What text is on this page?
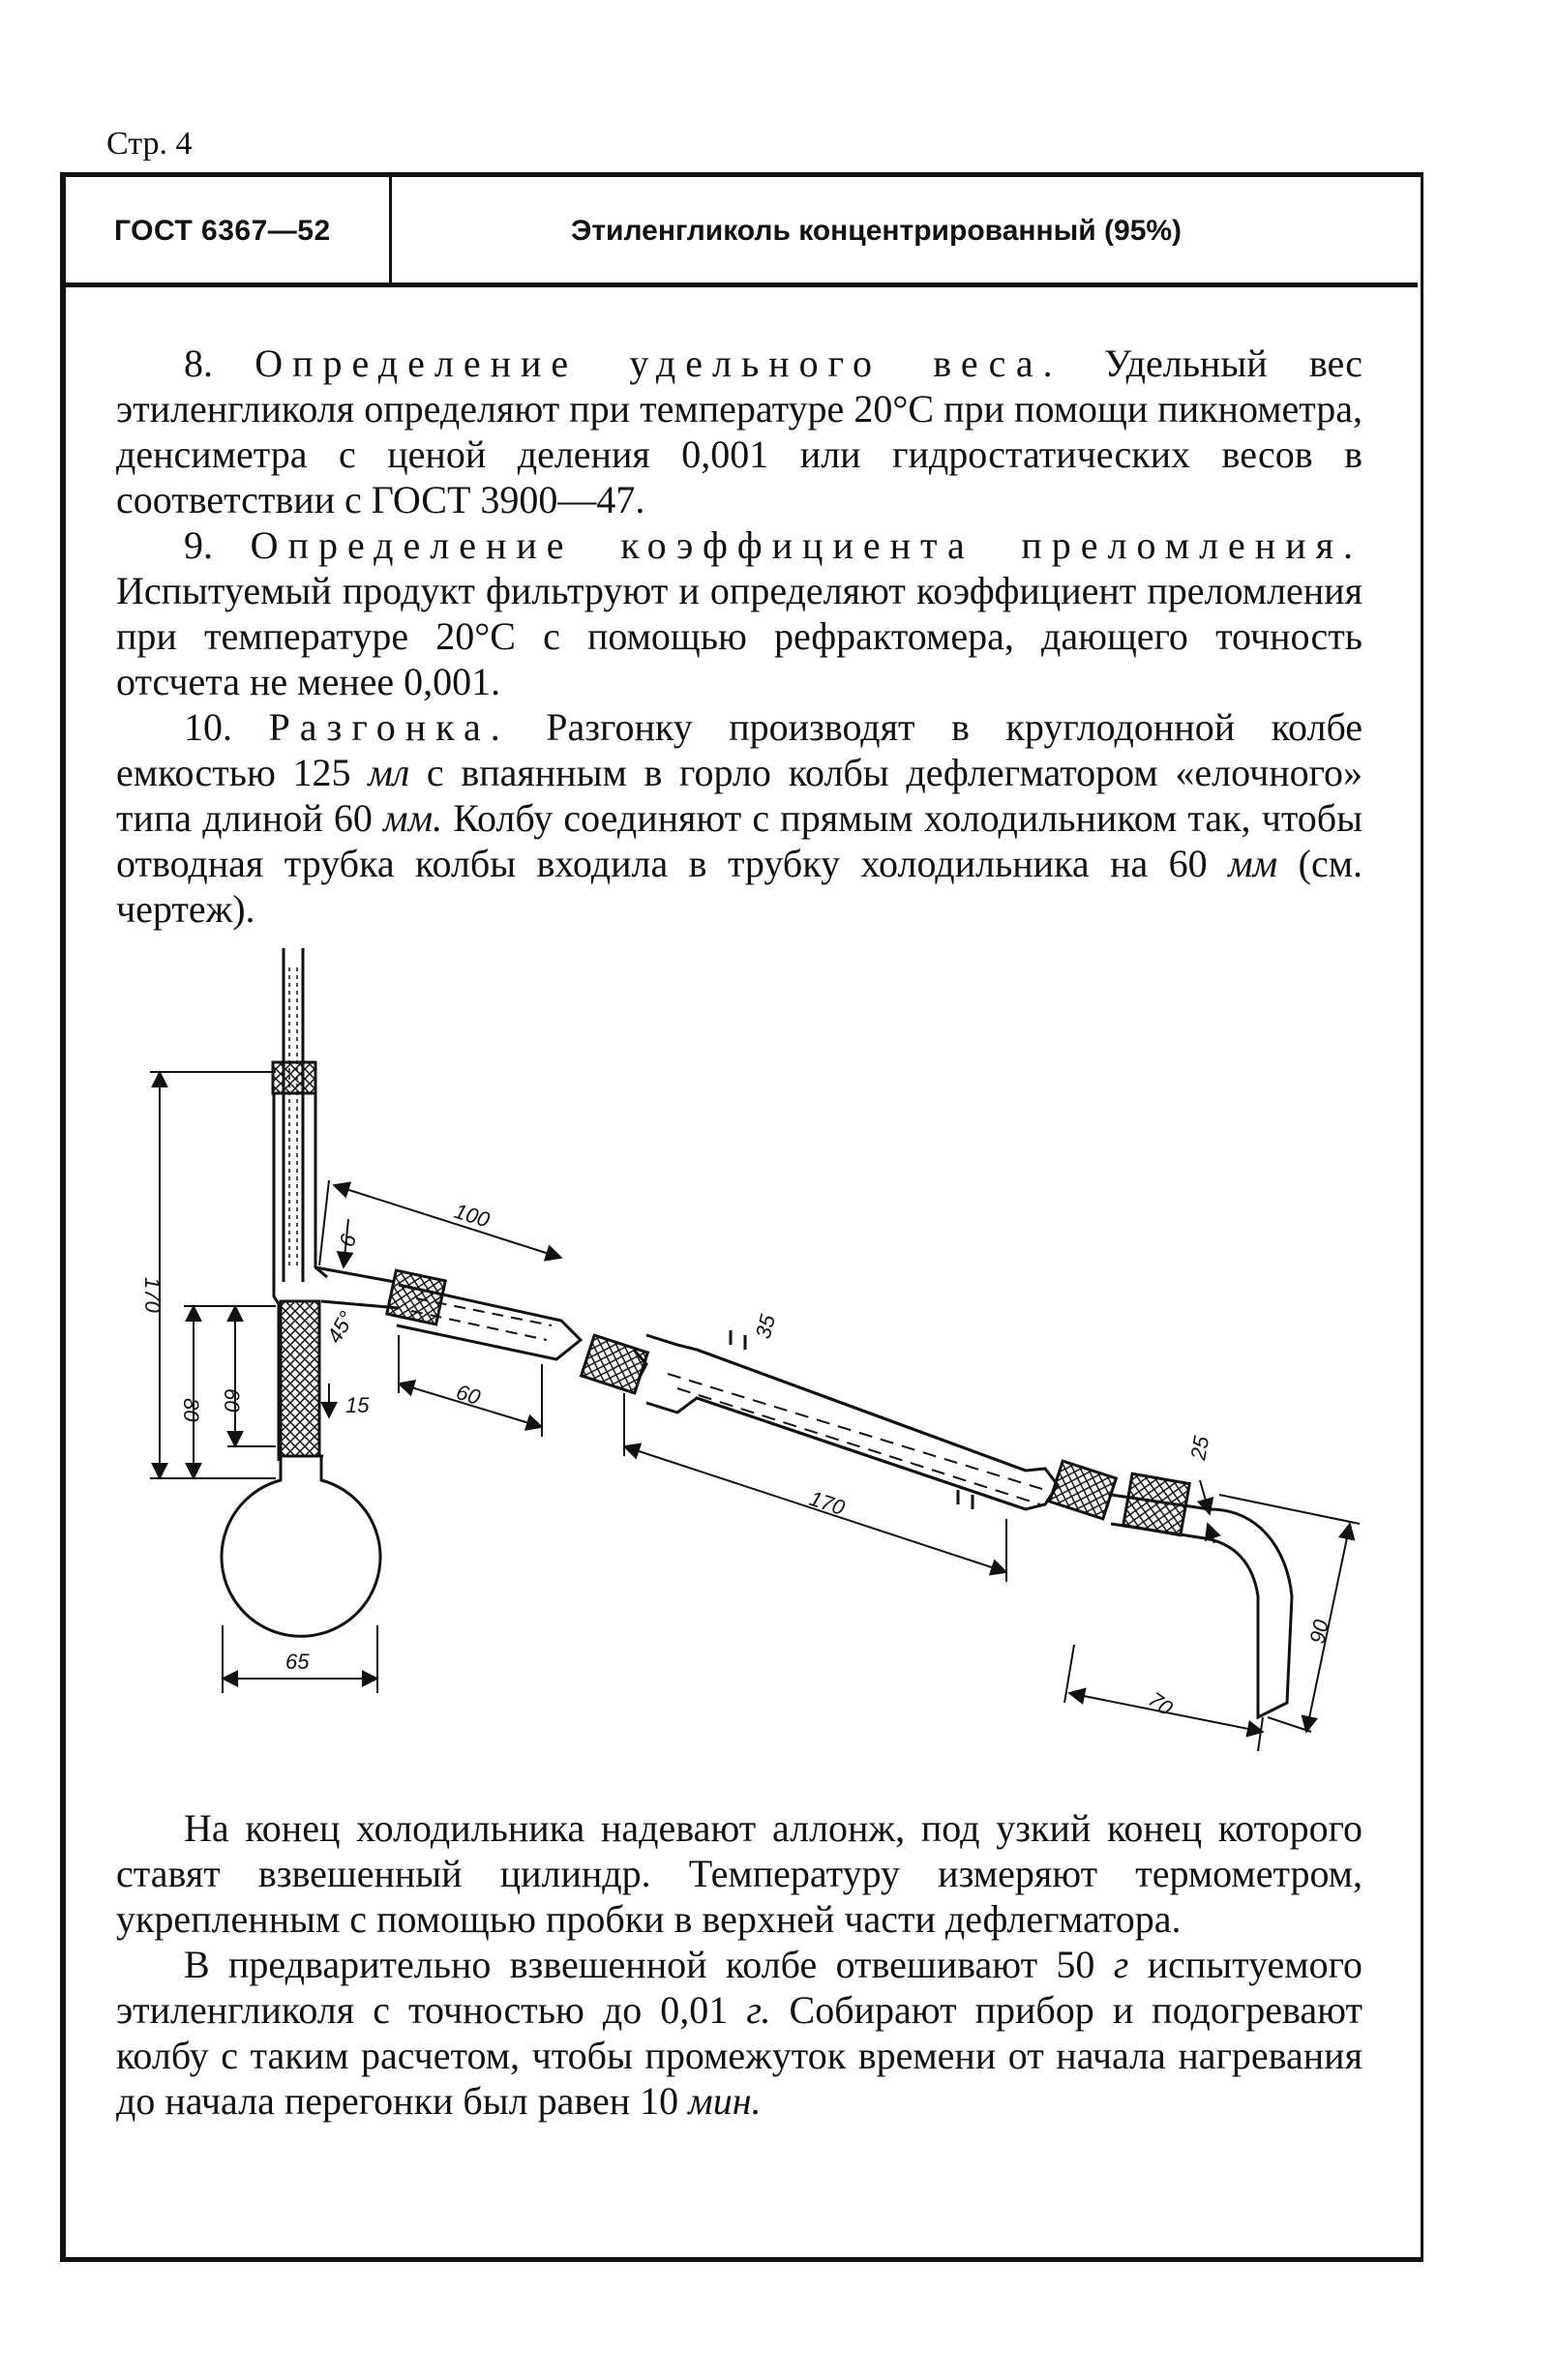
Стр. 4
ГОСТ 6367—52	Этиленгликоль концентрированный (95%)

8. Определение удельного веса. Удельный вес этиленгликоля определяют при температуре 20°С при помощи пикнометра, денсиметра с ценой деления 0,001 или гидростатических весов в соответствии с ГОСТ 3900—47.

9. Определение коэффициента преломления. Испытуемый продукт фильтруют и определяют коэффициент преломления при температуре 20°С с помощью рефрактомера, дающего точность отсчета не менее 0,001.

10. Разгонка. Разгонку производят в круглодонной колбе емкостью 125 мл с впаянным в горло колбы дефлегматором «елочного» типа длиной 60 мм. Колбу соединяют с прямым холодильником так, чтобы отводная трубка колбы входила в трубку холодильника на 60 мм (см. чертеж).

170
80 60
6
100
45°
60
15
65
35
170
25
90
70

На конец холодильника надевают аллонж, под узкий конец которого ставят взвешенный цилиндр. Температуру измеряют термометром, укрепленным с помощью пробки в верхней части дефлегматора.

В предварительно взвешенной колбе отвешивают 50 г испытуемого этиленгликоля с точностью до 0,01 г. Собирают прибор и подогревают колбу с таким расчетом, чтобы промежуток времени от начала нагревания до начала перегонки был равен 10 мин.
